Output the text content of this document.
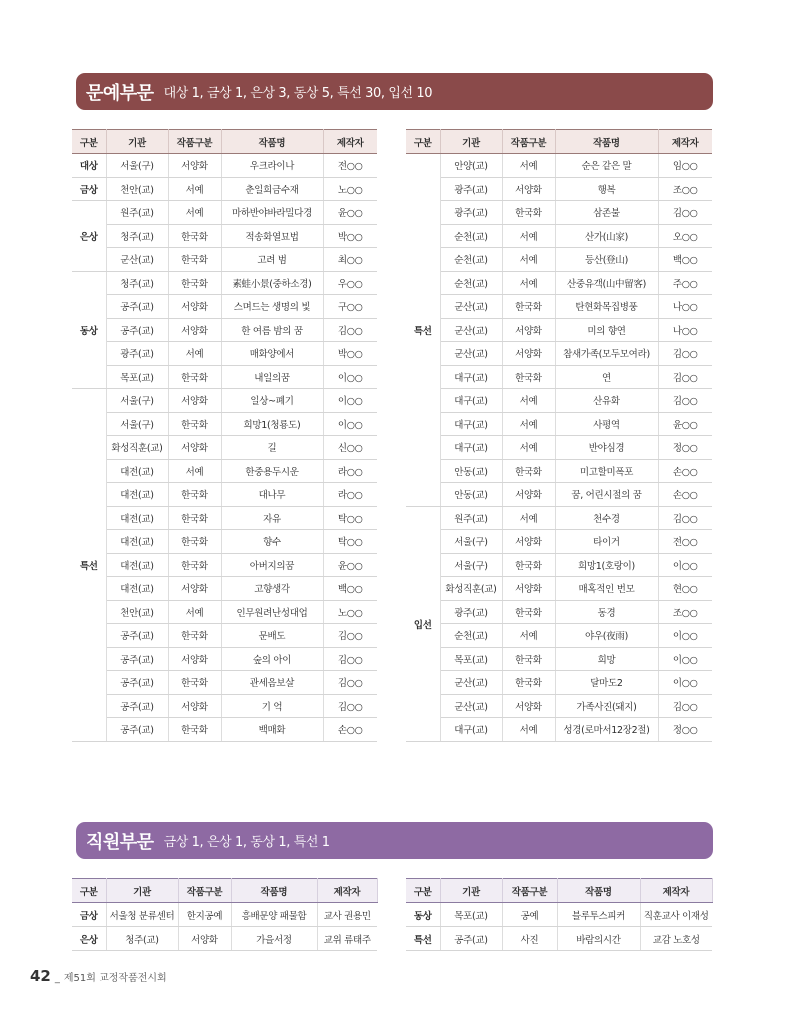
문예부문 대상 1, 금상 1, 은상 3, 동상 5, 특선 30, 입선 10
구분	기관	작품구분	작품명	제작자
대상	서울(구)	서양화	우크라이나	전○○
금상	천안(교)	서예	춘일희금수재	노○○
은상	원주(교)	서예	마하반야바라밀다경	윤○○
	청주(교)	한국화	적송화열묘법	박○○
	군산(교)	한국화	고려 범	최○○
동상	청주(교)	한국화	素蛙小景(중하소경)	우○○
	공주(교)	서양화	스며드는 생명의 빛	구○○
	공주(교)	서양화	한 여름 밤의 꿈	김○○
	광주(교)	서예	매화양에서	박○○
	목포(교)	한국화	내일의꿈	이○○
특선	서울(구)	서양화	일상~폐기	이○○
	서울(구)	한국화	희망1(청룡도)	이○○
	화성직훈(교)	서양화	길	신○○
	대전(교)	서예	한중용두시운	라○○
	대전(교)	한국화	대나무	라○○
	대전(교)	한국화	자유	탁○○
	대전(교)	한국화	향수	탁○○
	대전(교)	한국화	아버지의꿈	윤○○
	대전(교)	서양화	고향생각	백○○
	천안(교)	서예	인무원려난성대업	노○○
	공주(교)	한국화	문배도	김○○
	공주(교)	서양화	숲의 아이	김○○
	공주(교)	한국화	관세음보살	김○○
	공주(교)	서양화	기 억	김○○
	공주(교)	한국화	백매화	손○○
구분	기관	작품구분	작품명	제작자
특선	안양(교)	서예	순은 같은 말	임○○
	광주(교)	서양화	행복	조○○
	광주(교)	한국화	삼존불	김○○
	순천(교)	서예	산가(山家)	오○○
	순천(교)	서예	등산(登山)	백○○
	순천(교)	서예	산중유객(山中留客)	주○○
	군산(교)	한국화	탄현화목집병풍	나○○
	군산(교)	서양화	미의 향연	나○○
	군산(교)	서양화	참새가족(모두모여라)	김○○
	대구(교)	한국화	연	김○○
	대구(교)	서예	산유화	김○○
	대구(교)	서예	사평역	윤○○
	대구(교)	서예	반야심경	정○○
	안동(교)	한국화	미고할미폭포	손○○
	안동(교)	서양화	꿈, 어린시절의 꿈	손○○
입선	원주(교)	서예	천수경	김○○
	서울(구)	서양화	타이거	전○○
	서울(구)	한국화	희망1(호랑이)	이○○
	화성직훈(교)	서양화	매혹적인 번모	현○○
	광주(교)	한국화	동경	조○○
	순천(교)	서예	야우(夜雨)	이○○
	목포(교)	한국화	희망	이○○
	군산(교)	한국화	달마도2	이○○
	군산(교)	서양화	가족사진(돼지)	김○○
	대구(교)	서예	성경(로마서12장2절)	정○○
직원부문 금상 1, 은상 1, 동상 1, 특선 1
구분	기관	작품구분	작품명	제작자
금상	서울청 분류센터	한지공예	흥배문양 패물함	교사 권용민
은상	청주(교)	서양화	가을서정	교위 류태주
구분	기관	작품구분	작품명	제작자
동상	목포(교)	공예	블루투스피커	직훈교사 이재성
특선	공주(교)	사진	바람의시간	교감 노호성
42 _ 제51회 교정작품전시회
